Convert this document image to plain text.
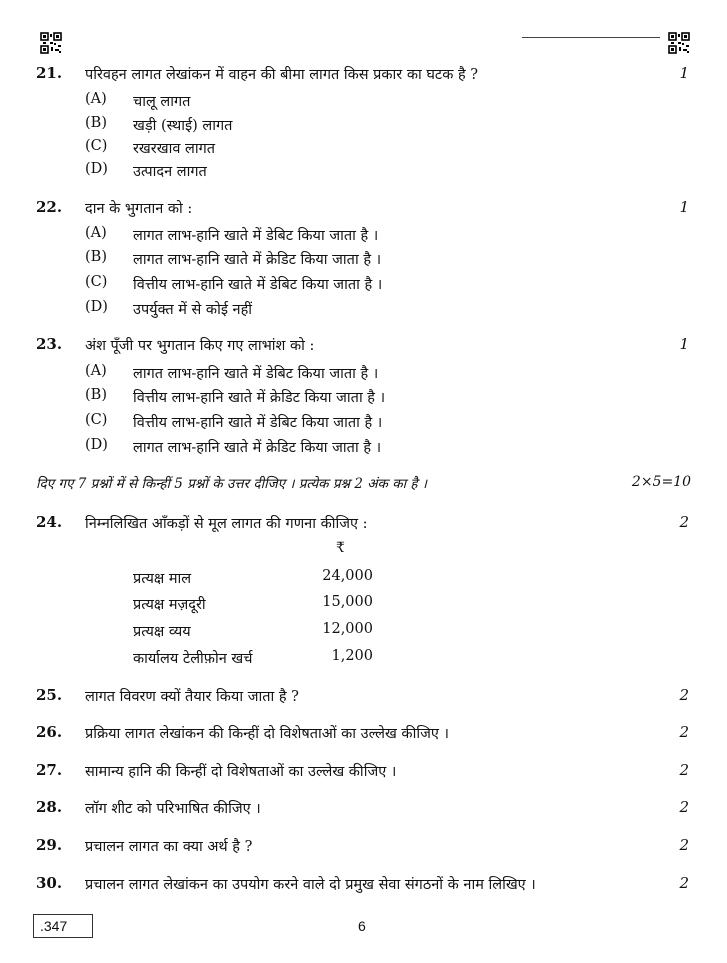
21. परिवहन लागत लेखांकन में वाहन की बीमा लागत किस प्रकार का घटक है ?	1
(A) चालू लागत
(B) खड़ी (स्थाई) लागत
(C) रखरखाव लागत
(D) उत्पादन लागत
22. दान के भुगतान को :	1
(A) लागत लाभ-हानि खाते में डेबिट किया जाता है ।
(B) लागत लाभ-हानि खाते में क्रेडिट किया जाता है ।
(C) वित्तीय लाभ-हानि खाते में डेबिट किया जाता है ।
(D) उपर्युक्त में से कोई नहीं
23. अंश पूँजी पर भुगतान किए गए लाभांश को :	1
(A) लागत लाभ-हानि खाते में डेबिट किया जाता है ।
(B) वित्तीय लाभ-हानि खाते में क्रेडिट किया जाता है ।
(C) वित्तीय लाभ-हानि खाते में डेबिट किया जाता है ।
(D) लागत लाभ-हानि खाते में क्रेडिट किया जाता है ।
दिए गए 7 प्रश्नों में से किन्हीं 5 प्रश्नों के उत्तर दीजिए । प्रत्येक प्रश्न 2 अंक का है ।	2×5=10
24. निम्नलिखित आँकड़ों से मूल लागत की गणना कीजिए :	2
₹
प्रत्यक्ष माल	24,000
प्रत्यक्ष मज़दूरी	15,000
प्रत्यक्ष व्यय	12,000
कार्यालय टेलीफ़ोन खर्च	1,200
25. लागत विवरण क्यों तैयार किया जाता है ?	2
26. प्रक्रिया लागत लेखांकन की किन्हीं दो विशेषताओं का उल्लेख कीजिए ।	2
27. सामान्य हानि की किन्हीं दो विशेषताओं का उल्लेख कीजिए ।	2
28. लॉग शीट को परिभाषित कीजिए ।	2
29. प्रचालन लागत का क्या अर्थ है ?	2
30. प्रचालन लागत लेखांकन का उपयोग करने वाले दो प्रमुख सेवा संगठनों के नाम लिखिए ।	2
.347	6
